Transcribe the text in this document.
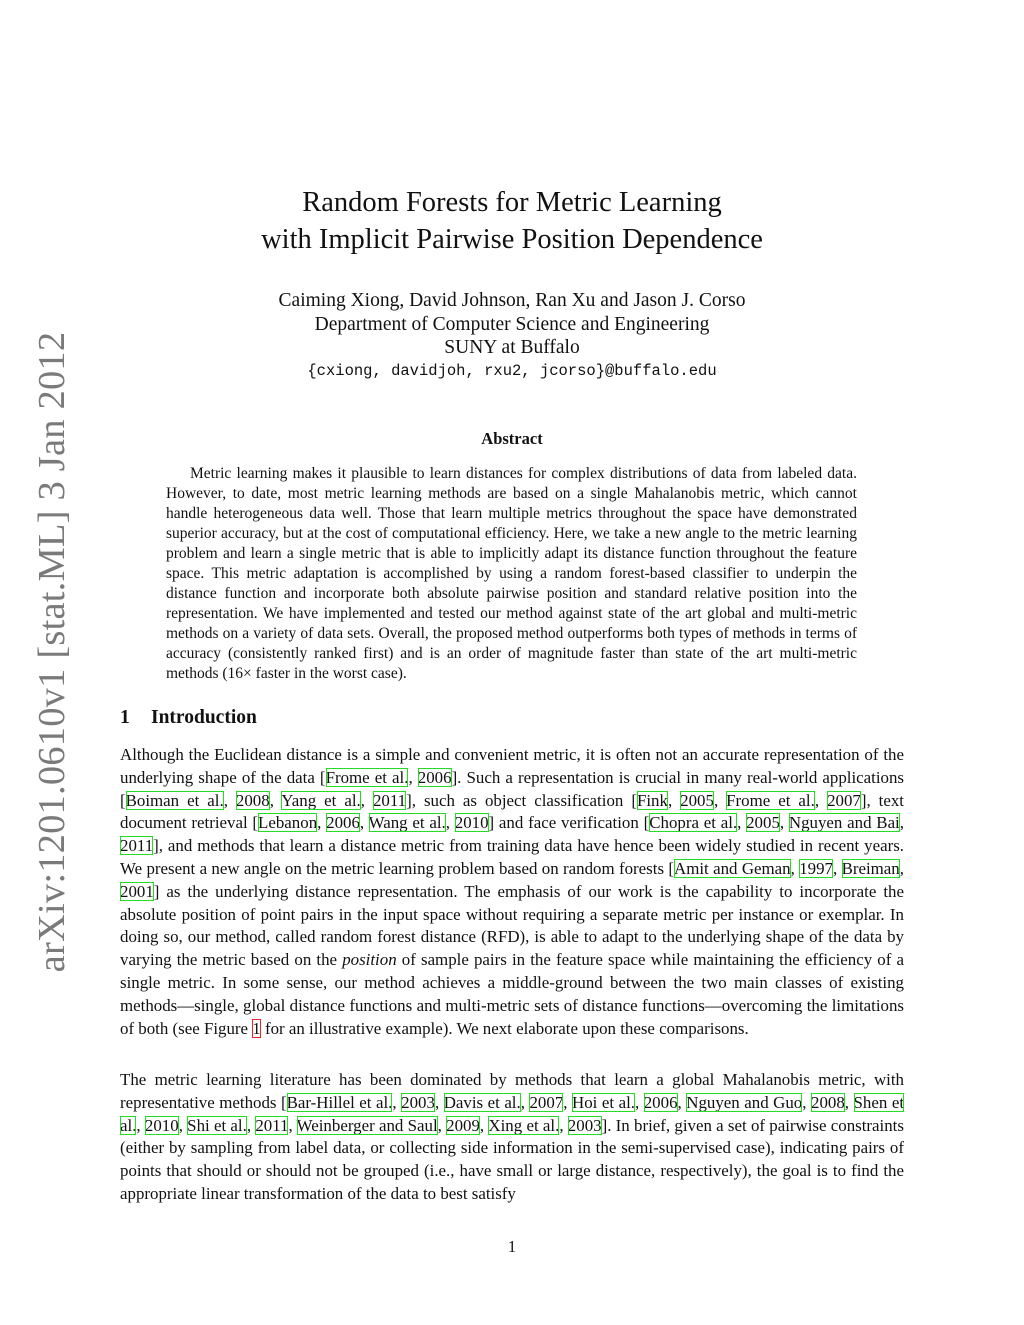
arXiv:1201.0610v1 [stat.ML] 3 Jan 2012
Random Forests for Metric Learning
with Implicit Pairwise Position Dependence
Caiming Xiong, David Johnson, Ran Xu and Jason J. Corso
Department of Computer Science and Engineering
SUNY at Buffalo
{cxiong, davidjoh, rxu2, jcorso}@buffalo.edu
Abstract

Metric learning makes it plausible to learn distances for complex distributions of data from labeled data. However, to date, most metric learning methods are based on a single Mahalanobis metric, which cannot handle heterogeneous data well. Those that learn multiple metrics throughout the space have demonstrated superior accuracy, but at the cost of computational efficiency. Here, we take a new angle to the metric learning problem and learn a single metric that is able to implicitly adapt its distance function throughout the feature space. This metric adaptation is accomplished by using a random forest-based classifier to underpin the distance function and incorporate both absolute pairwise position and standard relative position into the representation. We have implemented and tested our method against state of the art global and multi-metric methods on a variety of data sets. Overall, the proposed method outperforms both types of methods in terms of accuracy (consistently ranked first) and is an order of magnitude faster than state of the art multi-metric methods (16× faster in the worst case).

1 Introduction

Although the Euclidean distance is a simple and convenient metric, it is often not an accurate representation of the underlying shape of the data [Frome et al., 2006]. Such a representation is crucial in many real-world applications [Boiman et al., 2008, Yang et al., 2011], such as object classification [Fink, 2005, Frome et al., 2007], text document retrieval [Lebanon, 2006, Wang et al., 2010] and face verification [Chopra et al., 2005, Nguyen and Bai, 2011], and methods that learn a distance metric from training data have hence been widely studied in recent years. We present a new angle on the metric learning problem based on random forests [Amit and Geman, 1997, Breiman, 2001] as the underlying distance representation. The emphasis of our work is the capability to incorporate the absolute position of point pairs in the input space without requiring a separate metric per instance or exemplar. In doing so, our method, called random forest distance (RFD), is able to adapt to the underlying shape of the data by varying the metric based on the position of sample pairs in the feature space while maintaining the efficiency of a single metric. In some sense, our method achieves a middle-ground between the two main classes of existing methods—single, global distance functions and multi-metric sets of distance functions—overcoming the limitations of both (see Figure 1 for an illustrative example). We next elaborate upon these comparisons.

The metric learning literature has been dominated by methods that learn a global Mahalanobis metric, with representative methods [Bar-Hillel et al., 2003, Davis et al., 2007, Hoi et al., 2006, Nguyen and Guo, 2008, Shen et al., 2010, Shi et al., 2011, Weinberger and Saul, 2009, Xing et al., 2003]. In brief, given a set of pairwise constraints (either by sampling from label data, or collecting side information in the semi-supervised case), indicating pairs of points that should or should not be grouped (i.e., have small or large distance, respectively), the goal is to find the appropriate linear transformation of the data to best satisfy

1
